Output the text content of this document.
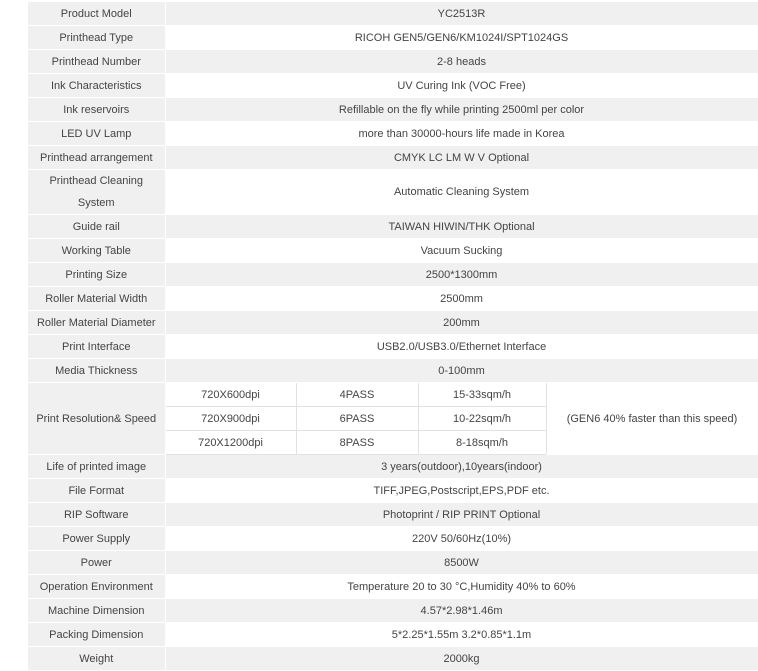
Product Model	YC2513R			
Printhead Type	RICOH GEN5/GEN6/KM1024I/SPT1024GS			
Printhead Number	2-8 heads			
Ink Characteristics	UV Curing Ink (VOC Free)			
Ink reservoirs	Refillable on the fly while printing 2500ml per color			
LED UV Lamp	more than 30000-hours life made in Korea			
Printhead arrangement	CMYK LC LM W V Optional			
Printhead Cleaning System	Automatic Cleaning System			
Guide rail	TAIWAN HIWIN/THK Optional			
Working Table	Vacuum Sucking			
Printing Size	2500*1300mm			
Roller Material Width	2500mm			
Roller Material Diameter	200mm			
Print Interface	USB2.0/USB3.0/Ethernet Interface			
Media Thickness	0-100mm			
Print Resolution& Speed	720X600dpi	4PASS	15-33sqm/h	(GEN6 40% faster than this speed)
	720X900dpi	6PASS	10-22sqm/h	
	720X1200dpi	8PASS	8-18sqm/h	
Life of printed image	3 years(outdoor),10years(indoor)			
File Format	TIFF,JPEG,Postscript,EPS,PDF etc.			
RIP Software	Photoprint / RIP PRINT Optional			
Power Supply	220V 50/60Hz(10%)			
Power	8500W			
Operation Environment	Temperature 20 to 30 °C,Humidity 40% to 60%			
Machine Dimension	4.57*2.98*1.46m			
Packing Dimension	5*2.25*1.55m 3.2*0.85*1.1m			
Weight	2000kg			
